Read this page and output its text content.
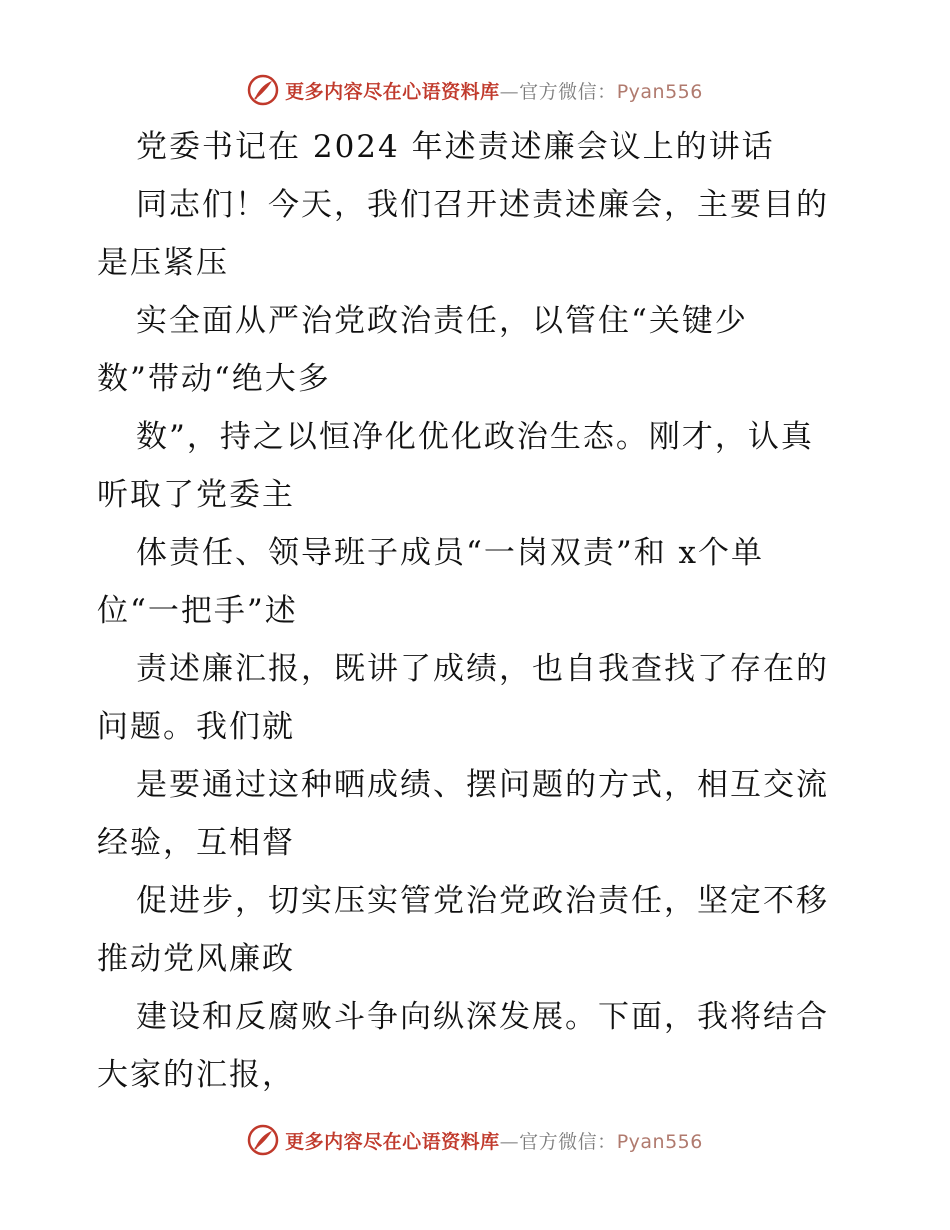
更多内容尽在心语资料库—官方微信：Pyan556
党委书记在 2024 年述责述廉会议上的讲话
同志们！今天，我们召开述责述廉会，主要目的
是压紧压
实全面从严治党政治责任，以管住“关键少
数”带动“绝大多
数”，持之以恒净化优化政治生态。刚才，认真
听取了党委主
体责任、领导班子成员“一岗双责”和 x个单
位“一把手”述
责述廉汇报，既讲了成绩，也自我查找了存在的
问题。我们就
是要通过这种晒成绩、摆问题的方式，相互交流
经验，互相督
促进步，切实压实管党治党政治责任，坚定不移
推动党风廉政
建设和反腐败斗争向纵深发展。下面，我将结合
大家的汇报，
更多内容尽在心语资料库—官方微信：Pyan556
